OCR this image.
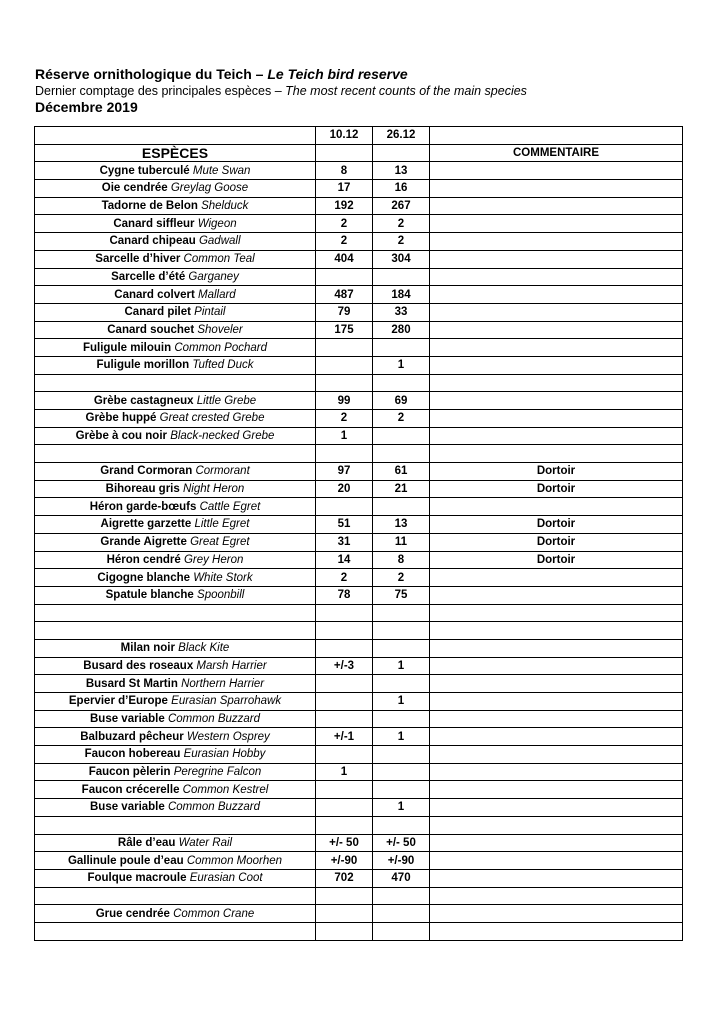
Réserve ornithologique du Teich – Le Teich bird reserve
Dernier comptage des principales espèces – The most recent counts of the main species
Décembre 2019
	10.12	26.12	
ESPÈCES			COMMENTAIRE
Cygne tuberculé Mute Swan	8	13	
Oie cendrée Greylag Goose	17	16	
Tadorne de Belon Shelduck	192	267	
Canard siffleur Wigeon	2	2	
Canard chipeau Gadwall	2	2	
Sarcelle d’hiver Common Teal	404	304	
Sarcelle d’été Garganey			
Canard colvert Mallard	487	184	
Canard pilet Pintail	79	33	
Canard souchet Shoveler	175	280	
Fuligule milouin Common Pochard			
Fuligule morillon Tufted Duck		1	

Grèbe castagneux Little Grebe	99	69	
Grèbe huppé Great crested Grebe	2	2	
Grèbe à cou noir Black-necked Grebe	1		

Grand Cormoran Cormorant	97	61	Dortoir
Bihoreau gris Night Heron	20	21	Dortoir
Héron garde-bœufs Cattle Egret			
Aigrette garzette Little Egret	51	13	Dortoir
Grande Aigrette Great Egret	31	11	Dortoir
Héron cendré Grey Heron	14	8	Dortoir
Cigogne blanche White Stork	2	2	
Spatule blanche Spoonbill	78	75	

Milan noir Black Kite			
Busard des roseaux Marsh Harrier	+/-3	1	
Busard St Martin Northern Harrier			
Epervier d’Europe Eurasian Sparrohawk		1	
Buse variable Common Buzzard			
Balbuzard pêcheur Western Osprey	+/-1	1	
Faucon hobereau Eurasian Hobby			
Faucon pèlerin Peregrine Falcon	1		
Faucon crécerelle Common Kestrel			
Buse variable Common Buzzard		1	

Râle d’eau Water Rail	+/- 50	+/- 50	
Gallinule poule d’eau Common Moorhen	+/-90	+/-90	
Foulque macroule Eurasian Coot	702	470	

Grue cendrée Common Crane			
